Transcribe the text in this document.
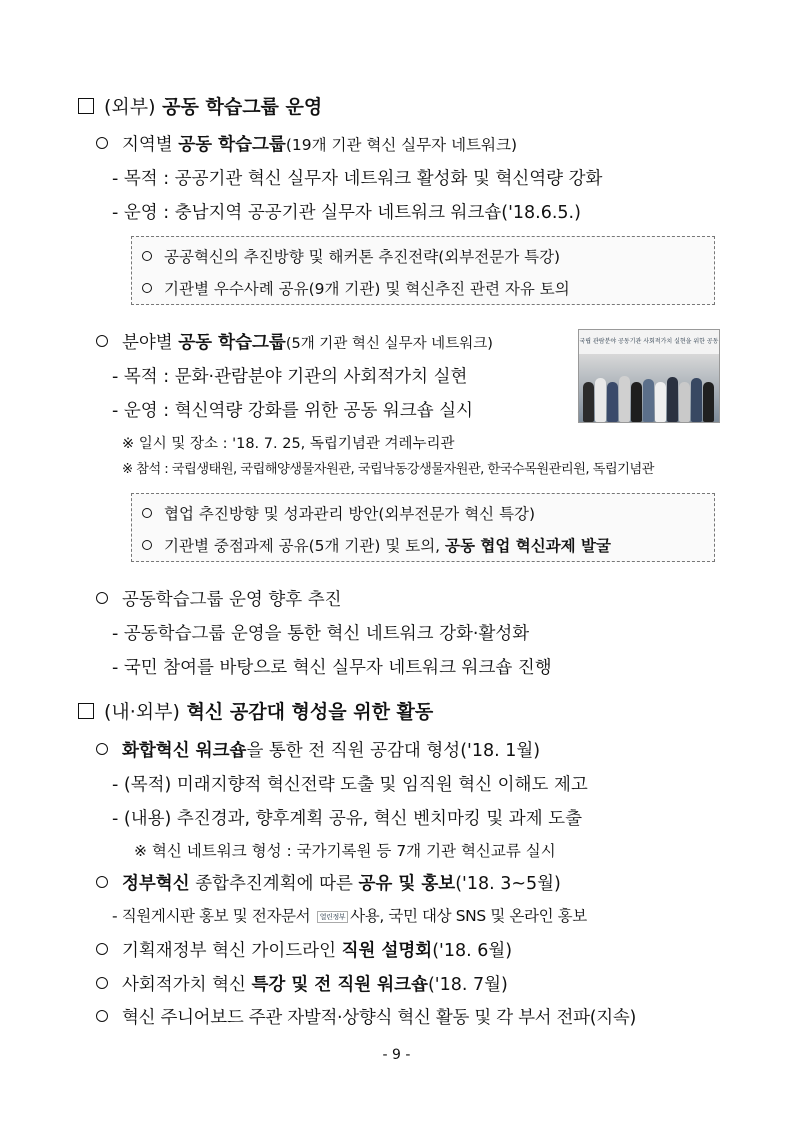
(외부) 공동 학습그룹 운영
지역별 공동 학습그룹(19개 기관 혁신 실무자 네트워크)
- 목적 : 공공기관 혁신 실무자 네트워크 활성화 및 혁신역량 강화
- 운영 : 충남지역 공공기관 실무자 네트워크 워크숍('18.6.5.)
공공혁신의 추진방향 및 해커톤 추진전략(외부전문가 특강)
기관별 우수사례 공유(9개 기관) 및 혁신추진 관련 자유 토의
분야별 공동 학습그룹(5개 기관 혁신 실무자 네트워크)
- 목적 : 문화·관람분야 기관의 사회적가치 실현
- 운영 : 혁신역량 강화를 위한 공동 워크숍 실시
국립 관람분야 공동기관 사회적가치 실현을 위한 공동
※ 일시 및 장소 : '18. 7. 25, 독립기념관 겨레누리관
※ 참석 : 국립생태원, 국립해양생물자원관, 국립낙동강생물자원관, 한국수목원관리원, 독립기념관
협업 추진방향 및 성과관리 방안(외부전문가 혁신 특강)
기관별 중점과제 공유(5개 기관) 및 토의, 공동 협업 혁신과제 발굴
공동학습그룹 운영 향후 추진
- 공동학습그룹 운영을 통한 혁신 네트워크 강화·활성화
- 국민 참여를 바탕으로 혁신 실무자 네트워크 워크숍 진행
(내·외부) 혁신 공감대 형성을 위한 활동
화합혁신 워크숍을 통한 전 직원 공감대 형성('18. 1월)
- (목적) 미래지향적 혁신전략 도출 및 임직원 혁신 이해도 제고
- (내용) 추진경과, 향후계획 공유, 혁신 벤치마킹 및 과제 도출
※ 혁신 네트워크 형성 : 국가기록원 등 7개 기관 혁신교류 실시
정부혁신 종합추진계획에 따른 공유 및 홍보('18. 3~5월)
- 직원게시판 홍보 및 전자문서 열린정부 사용, 국민 대상 SNS 및 온라인 홍보
기획재정부 혁신 가이드라인 직원 설명회('18. 6월)
사회적가치 혁신 특강 및 전 직원 워크숍('18. 7월)
혁신 주니어보드 주관 자발적·상향식 혁신 활동 및 각 부서 전파(지속)
- 9 -
